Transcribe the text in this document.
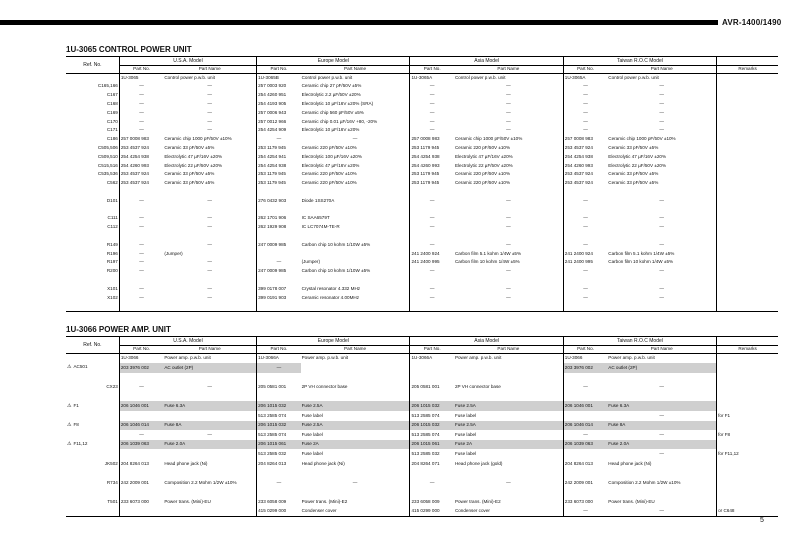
AVR-1400/1490
1U-3065 CONTROL POWER UNIT
Ref. No.	U.S.A. Model		Europe Model		Asia Model		Taiwan R.O.C Model		
	Part No.	Part Name	Part No.	Part Name	Part No.	Part Name	Part No.	Part Name	Remarks
	1U-3065	Control power p.w.b. unit	1U-3065B	Control power p.w.b. unit	1U-3065A	Control power p.w.b. unit	1U-3065A	Control power p.w.b. unit	
C165,166	—	—	257 0003 920	Ceramic chip 27 pF/50V ±5%	—	—	—	—	
C167	—	—	254 4260 951	Electrolytic 2.2 µF/50V ±20%	—	—	—	—	
C168	—	—	254 4193 905	Electrolytic 10 µF/16V ±20% (SRA)	—	—	—	—	
C169	—	—	257 0006 943	Ceramic chip 560 pF/50V ±5%	—	—	—	—	
C170	—	—	257 0012 966	Ceramic chip 0.01 µF/16V +80, -20%	—	—	—	—	
C171	—	—	254 4254 909	Electrolytic 10 µF/16V ±20%	—	—	—	—	
C186	257 0008 983	Ceramic chip 1000 pF/50V ±10%	—	—	257 0008 983	Ceramic chip 1000 pF/50V ±10%	257 0008 983	Ceramic chip 1000 pF/50V ±10%	
C505,506	253 4537 924	Ceramic 33 pF/50V ±5%	253 1179 945	Ceramic 220 pF/50V ±10%	253 1179 945	Ceramic 220 pF/50V ±10%	253 4537 924	Ceramic 33 pF/50V ±5%	
C509,510	254 4254 938	Electrolytic 47 µF/16V ±20%	254 4254 941	Electrolytic 100 µF/16V ±20%	254 4254 938	Electrolytic 47 µF/16V ±20%	254 4254 938	Electrolytic 47 µF/16V ±20%	
C515,516	254 4260 993	Electrolytic 22 µF/50V ±20%	254 4254 938	Electrolytic 47 µF/16V ±20%	254 4260 993	Electrolytic 22 µF/50V ±20%	254 4260 993	Electrolytic 22 µF/50V ±20%	
C535,536	253 4537 924	Ceramic 33 pF/50V ±5%	253 1179 945	Ceramic 220 pF/50V ±10%	253 1179 945	Ceramic 220 pF/50V ±10%	253 4537 924	Ceramic 33 pF/50V ±5%	
C562	253 4537 924	Ceramic 33 pF/50V ±5%	253 1179 945	Ceramic 220 pF/50V ±10%	253 1179 945	Ceramic 220 pF/50V ±10%	253 4537 924	Ceramic 33 pF/50V ±5%	

D101	—	—	276 0432 903	Diode 1SS270A	—	—	—	—	

C111	—	—	262 1701 906	IC SAA6579T	—	—	—	—	
C112	—	—	262 1929 908	IC LC7074M-TE-R	—	—	—	—	

R149	—	—	247 0009 985	Carbon chip 10 kohm 1/10W ±5%	—	—	—	—	
R196	—	(Jumper)			241 2400 924	Carbon film 5.1 kohm 1/4W ±5%	241 2400 924	Carbon film 5.1 kohm 1/4W ±5%	
R197	—	—	—	(Jumper)	241 2400 995	Carbon film 10 kohm 1/4W ±5%	241 2400 995	Carbon film 10 kohm 1/4W ±5%	
R200	—	—	247 0009 985	Carbon chip 10 kohm 1/10W ±5%	—	—	—	—	

X101	—	—	399 0178 007	Crystal resonator 4.332 MHz	—	—	—	—	
X102	—	—	399 0191 903	Ceramic resonator 4.00MHz	—	—	—	—	

1U-3066 POWER AMP. UNIT
Ref. No.	U.S.A. Model		Europe Model		Asia Model		Taiwan R.O.C Model		
	Part No.	Part Name	Part No.	Part Name	Part No.	Part Name	Part No.	Part Name	Remarks
	1U-3066	Power amp. p.w.b. unit	1U-3066A	Power amp. p.w.b. unit	1U-3066A	Power amp. p.w.b. unit	1U-3066	Power amp. p.w.b. unit	
⚠ AC501	203 3976 002	AC outlet (2P)	—				203 3976 002	AC outlet (2P)	

CX23	—	—	205 0581 001	2P VH connector base	205 0581 001	2P VH connector base	—	—	

⚠ F1	206 1046 001	Fuse 6.3A	206 1015 032	Fuse 2.5A	206 1015 032	Fuse 2.5A	206 1046 001	Fuse 6.3A	
			513 2585 074	Fuse label	513 2585 074	Fuse label		—	for F1
⚠ F8	206 1046 014	Fuse 8A	206 1015 032	Fuse 2.5A	206 1015 032	Fuse 2.5A	206 1046 014	Fuse 8A	
	—	—	513 2585 074	Fuse label	513 2585 074	Fuse label	—	—	for F8
⚠ F11,12	206 1039 063	Fuse 2.0A	206 1015 061	Fuse 2A	206 1015 061	Fuse 2A	206 1039 063	Fuse 2.0A	
			513 2585 032	Fuse label	513 2585 032	Fuse label		—	for F11,12
JK502	204 8264 013	Head phone jack (Ni)	204 8264 013	Head phone jack (Ni)	204 8264 071	Head phone jack (gold)	204 8264 013	Head phone jack (Ni)	

R734	242 2009 001	Composition 2.2 Mohm 1/2W ±10%	—	—	—	—	242 2009 001	Composition 2.2 Mohm 1/2W ±10%	

T501	233 6073 000	Power trans. (Mini)-EU	233 6058 009	Power trans. (Mini)-E2	233 6058 009	Power trans. (Mini)-E2	233 6073 000	Power trans. (Mini)-EU	
			415 0299 000	Condenser cover	415 0299 000	Condenser cover	—	—	or C648
5
